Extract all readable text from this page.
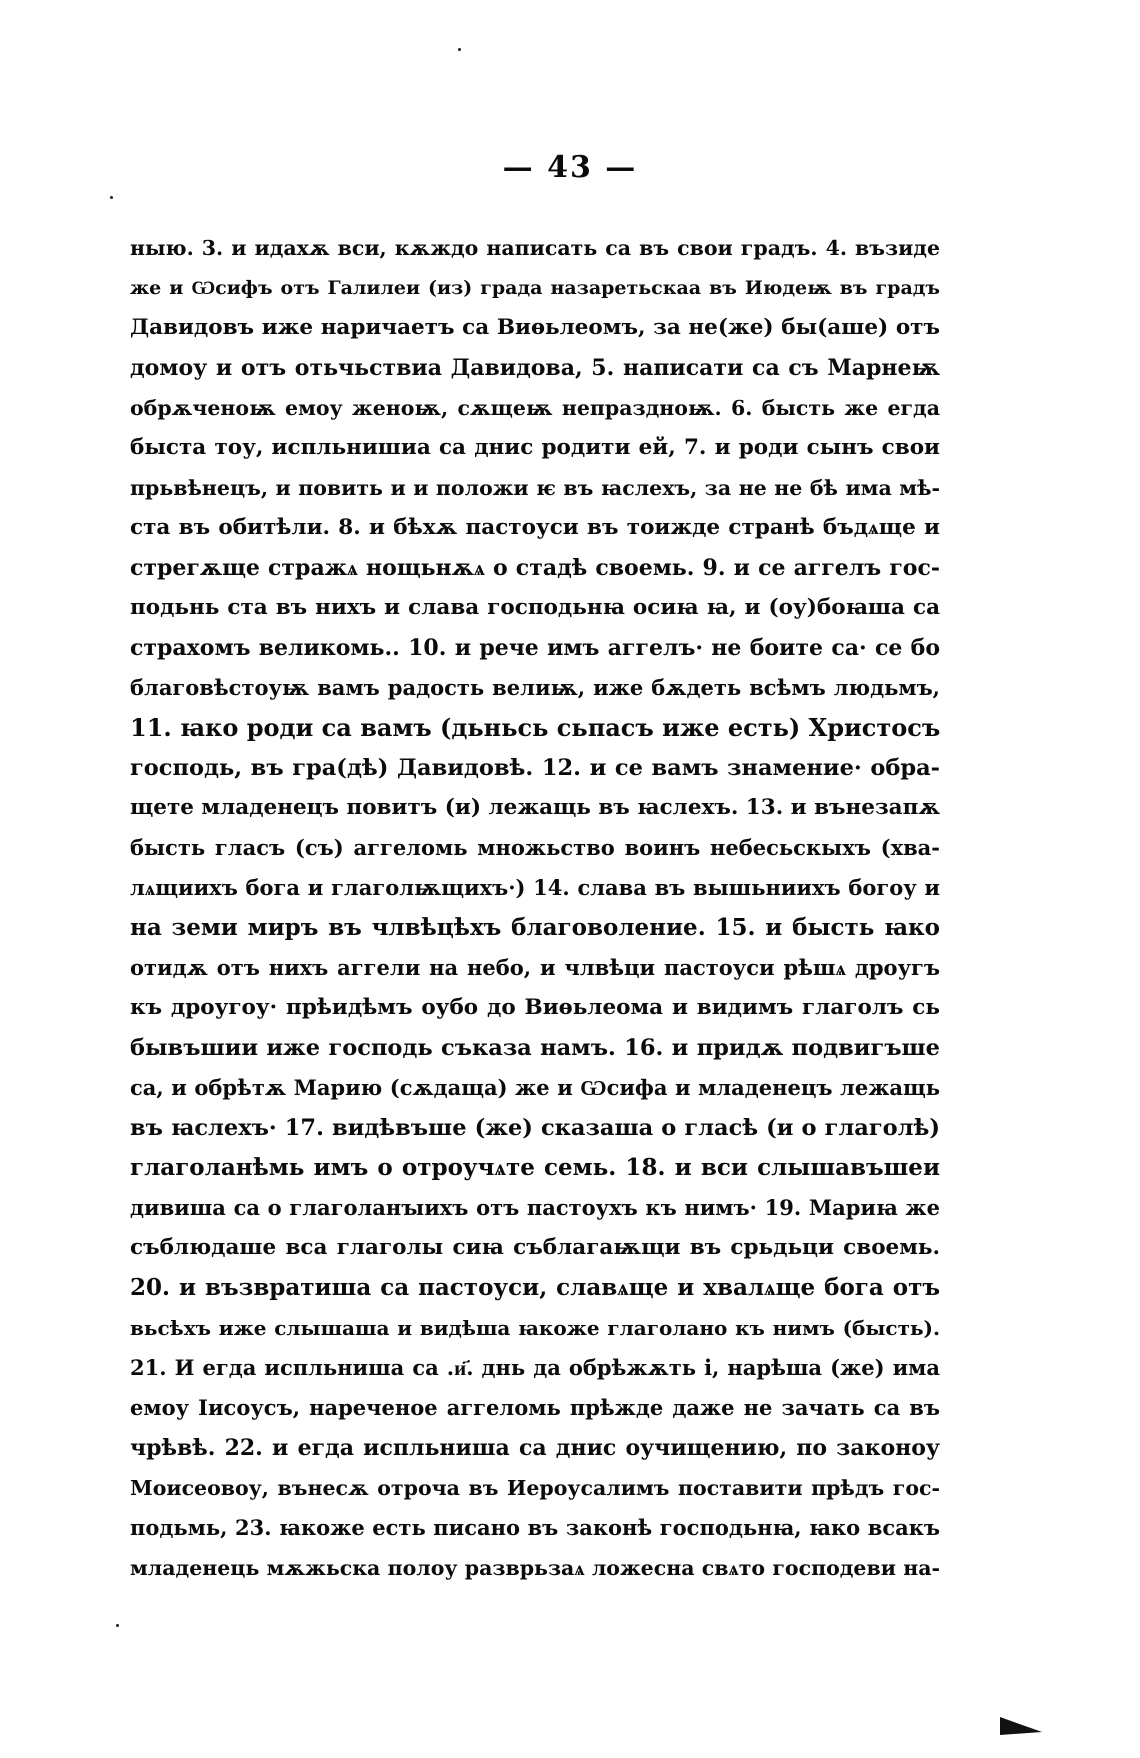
— 43 —
ныю. 3. и идахѫ вси, кѫждо написать са въ свои градъ. 4. възиде
же и Ѡсифъ отъ Галилеи (из) града назаретьскаа въ Июдеѭ въ градъ
Давидовъ иже наричаетъ са Виѳьлеомъ, за не(же) бы(аше) отъ
домоу и отъ отьчьствиа Давидова, 5. написати са съ Марнеѭ
обрѫченоѭ емоу женоѭ, сѫщеѭ непраздноѭ. 6. бысть же егда
быста тоу, испльнишиа са днис родити ей, 7. и роди сынъ свои
прьвѣнецъ, и повить и и положи ѥ въ ꙗслехъ, за не не бѣ има мѣ-
ста въ обитѣли. 8. и бѣхѫ пастоуси въ тоижде странѣ бъдѧще и
стрегѫще стражѧ нощьнѫѧ о стадѣ своемь. 9. и се аггелъ гос-
подьнь ста въ нихъ и слава господьнꙗ осиꙗ ꙗ, и (оу)боꙗша са
страхомъ великомь.. 10. и рече имъ аггелъ· не боите са· се бо
благовѣстоуѭ вамъ радость велиѭ, иже бѫдеть всѣмъ людьмъ,
11. ꙗко роди са вамъ (дьньсь сьпасъ иже есть) Христосъ
господь, въ гра(дѣ) Давидовѣ. 12. и се вамъ знамение· обра-
щете младенецъ повитъ (и) лежащь въ ꙗслехъ. 13. и вънезапѫ
бысть гласъ (съ) аггеломь множьство воинъ небесьскыхъ (хва-
лѧщиихъ бога и глаголѭщихъ·) 14. слава въ вышьниихъ богоу и
на земи миръ въ члвѣцѣхъ благоволение. 15. и бысть ꙗко
отидѫ отъ нихъ аггели на небо, и члвѣци пастоуси рѣшѧ дроугъ
къ дроугоу· прѣидѣмъ оубо до Виѳьлеома и видимъ глаголъ сь
бывъшии иже господь съказа намъ. 16. и придѫ подвигъше
са, и обрѣтѫ Марию (сѫдаща) же и Ѡсифа и младенецъ лежащь
въ ꙗслехъ· 17. видѣвъше (же) сказаша о гласѣ (и о глаголѣ)
глаголанѣмь имъ о отроучѧте семь. 18. и вси слышавъшеи
дивиша са о глаголанꙑихъ отъ пастоухъ къ нимъ· 19. Мариꙗ же
съблюдаше вса глаголы сиꙗ съблагаѭщи въ срьдьци своемь.
20. и възвратиша са пастоуси, славѧще и хвалѧще бога отъ
вьсѣхъ иже слышаша и видѣша ꙗкоже глаголано къ нимъ (бысть).
21. И егда испльниша са .и҃. днь да обрѣжѫть і, нарѣша (же) има
емоу Іисоусъ, нареченое аггеломь прѣжде даже не зачать са въ
чрѣвѣ. 22. и егда испльниша са днис оучищению, по законоу
Моисеовоу, вънесѫ отроча въ Иероусалимъ поставити прѣдъ гос-
подьмь, 23. ꙗкоже есть писано въ законѣ господьнꙗ, ꙗко всакъ
младенець мѫжьска полоу разврьзаѧ ложесна свѧто господеви на-
